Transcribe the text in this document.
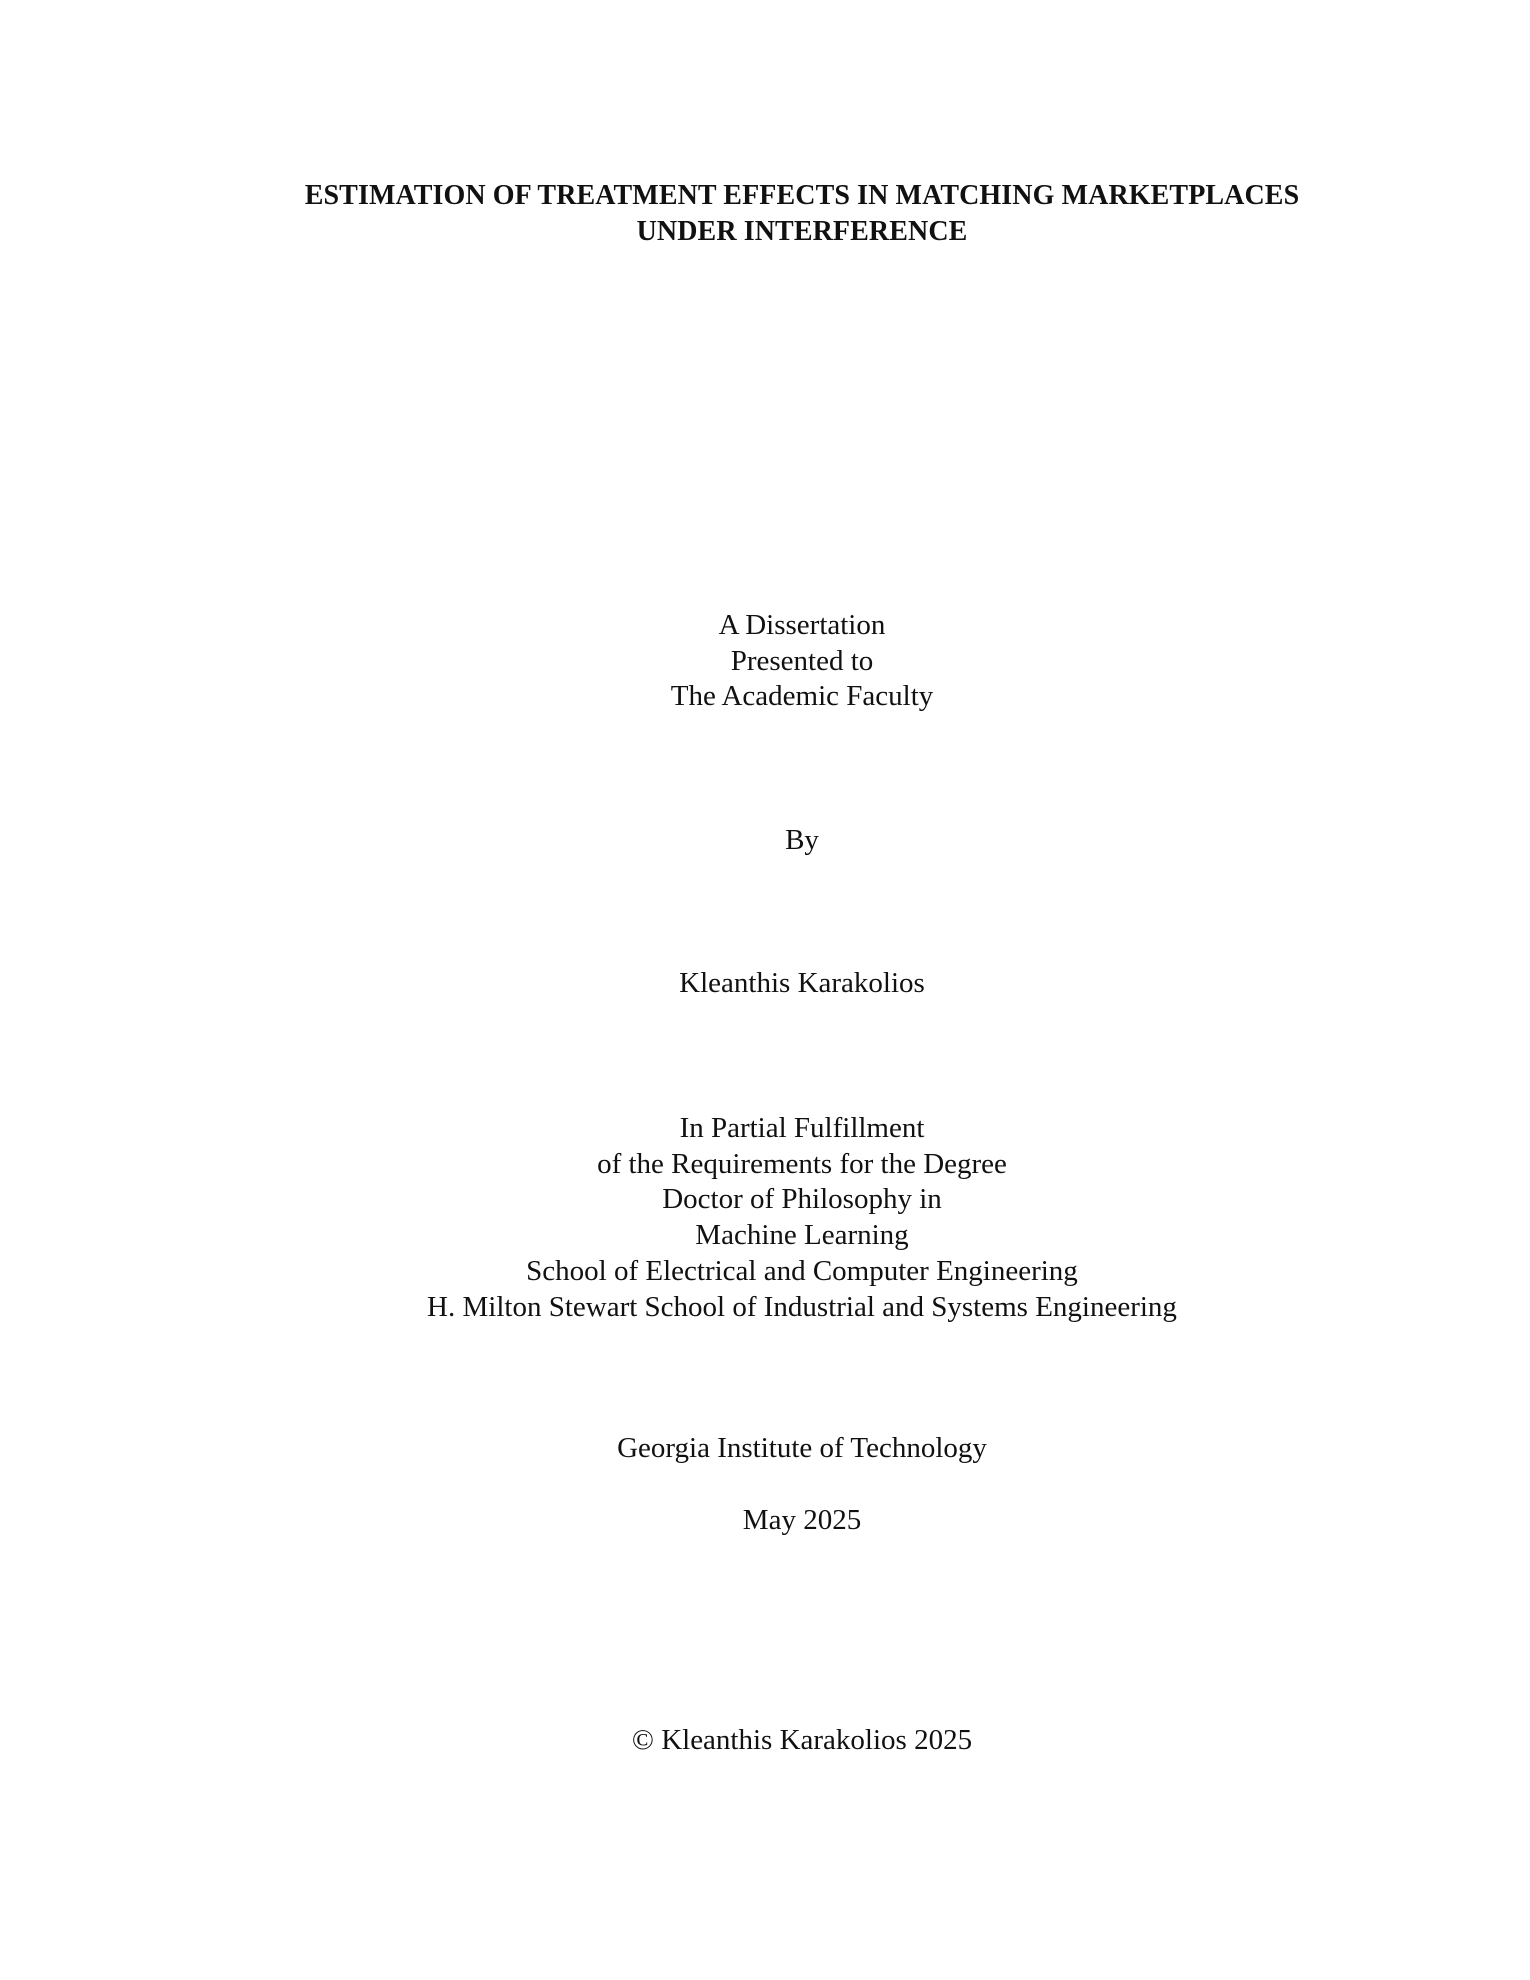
ESTIMATION OF TREATMENT EFFECTS IN MATCHING MARKETPLACES
UNDER INTERFERENCE
A Dissertation
Presented to
The Academic Faculty
By
Kleanthis Karakolios
In Partial Fulfillment
of the Requirements for the Degree
Doctor of Philosophy in
Machine Learning
School of Electrical and Computer Engineering
H. Milton Stewart School of Industrial and Systems Engineering
Georgia Institute of Technology
May 2025
© Kleanthis Karakolios 2025
